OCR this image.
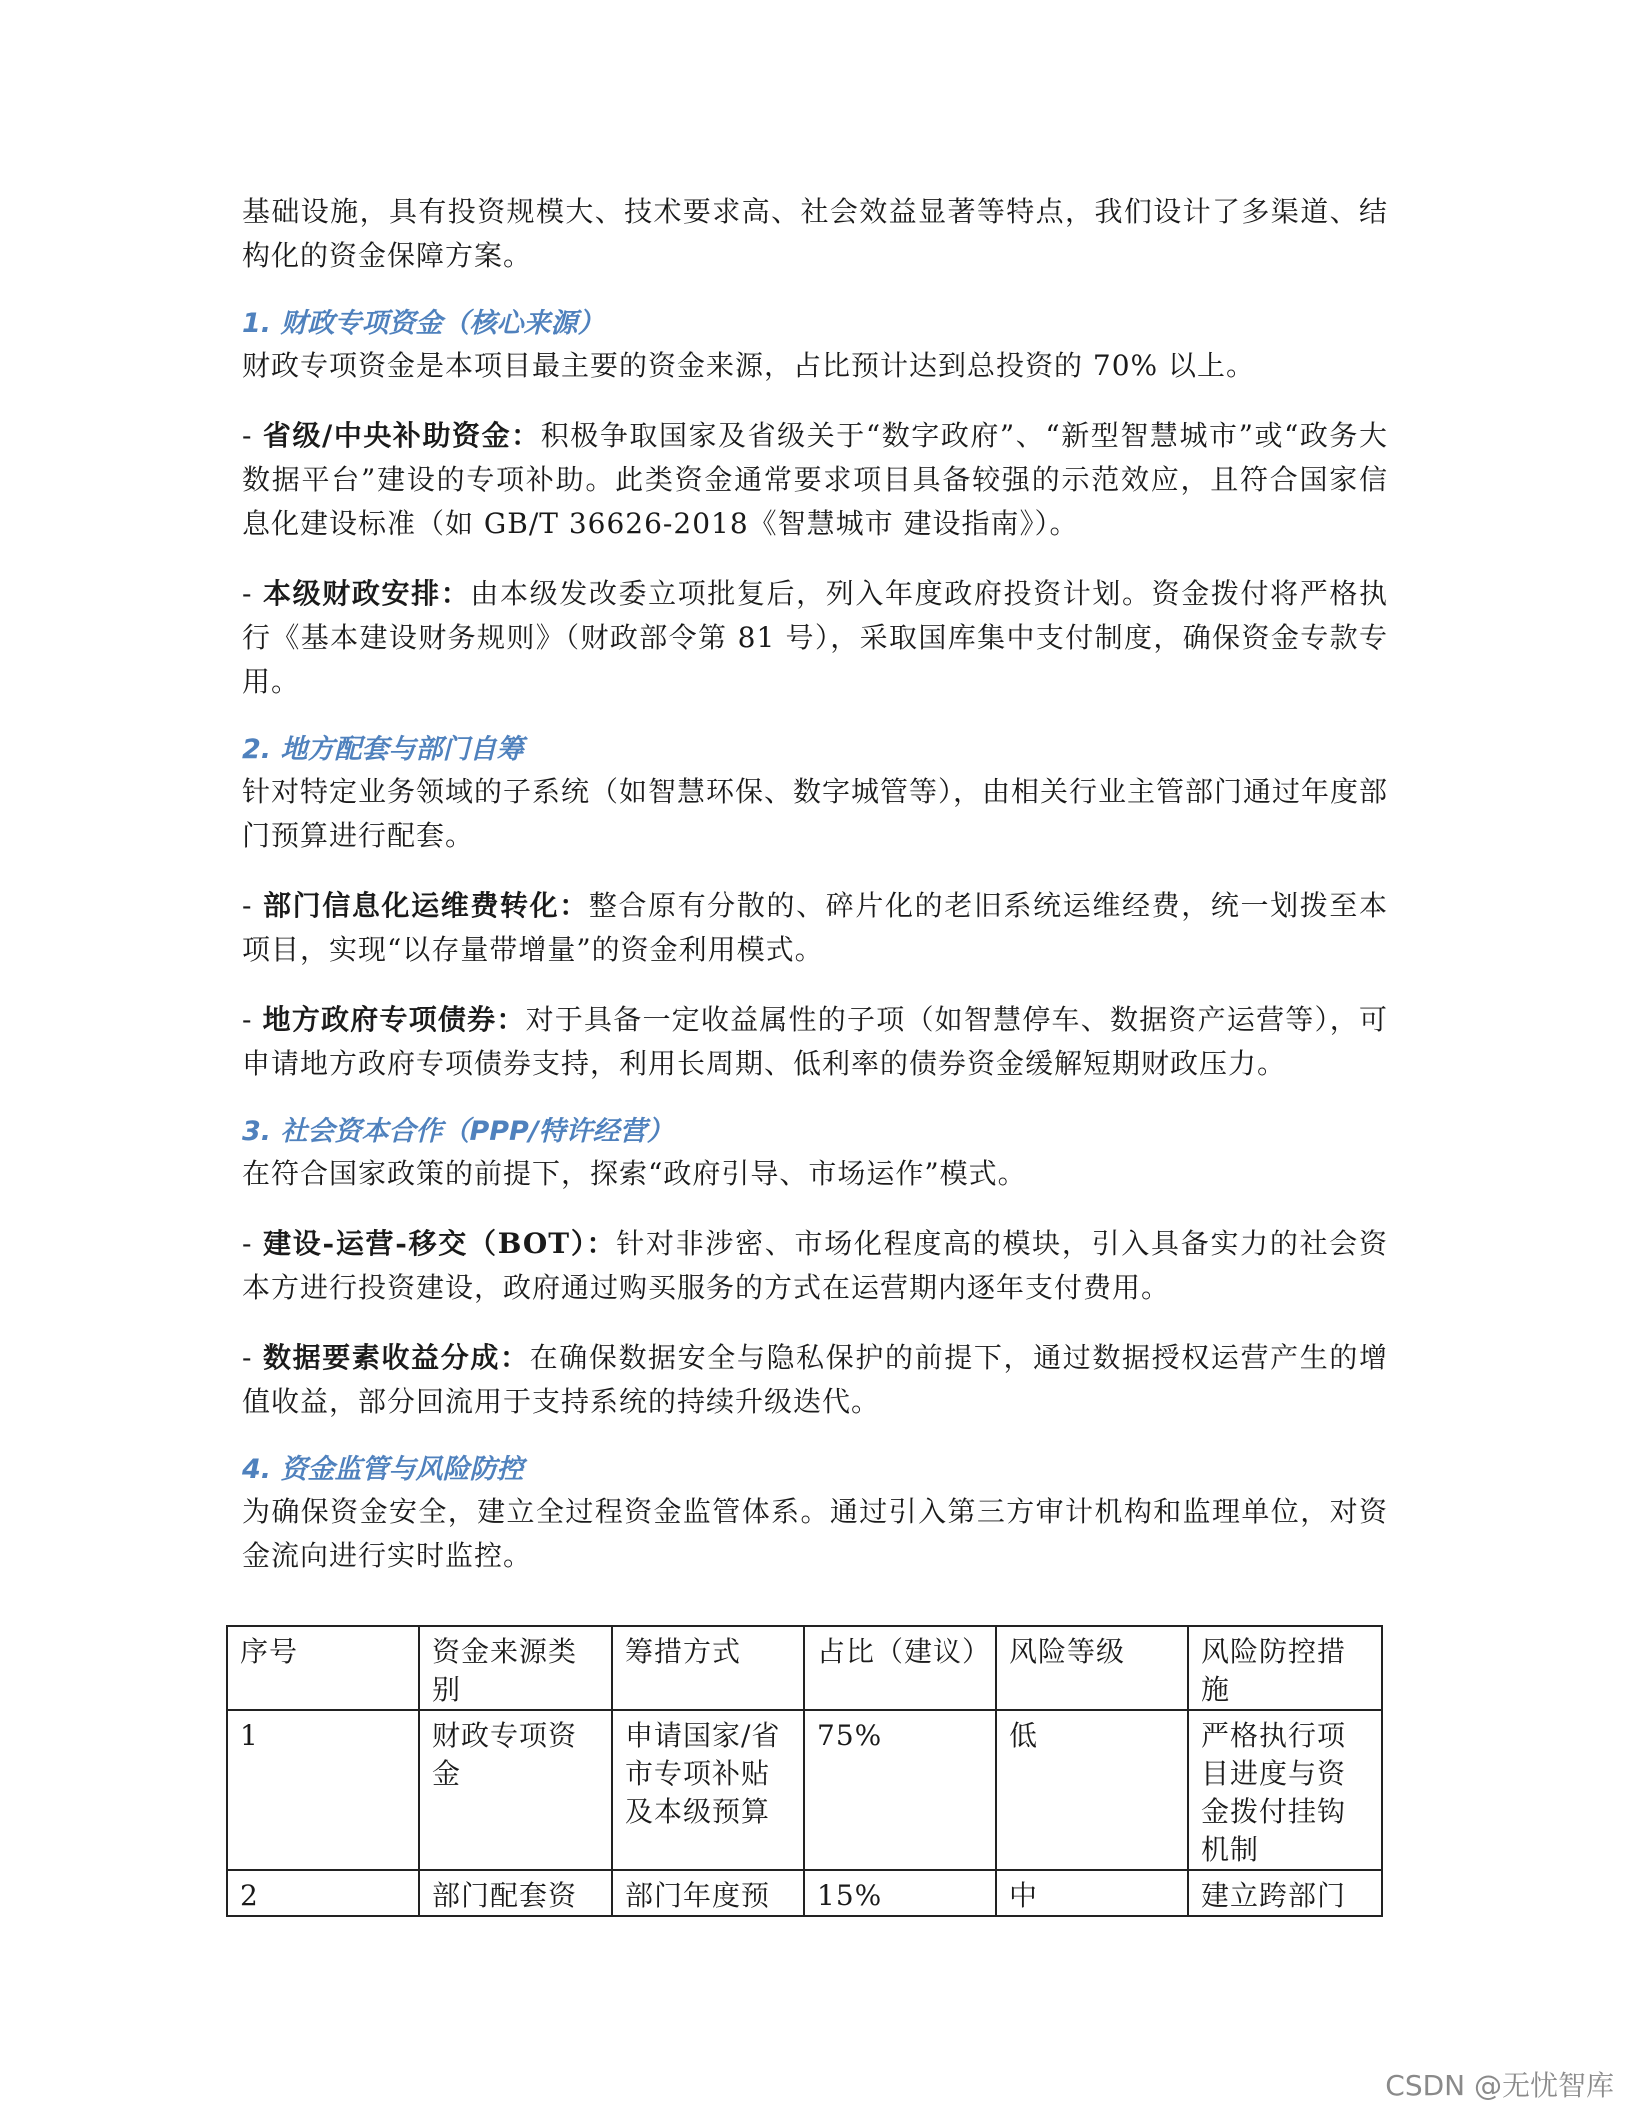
基础设施，具有投资规模大、技术要求高、社会效益显著等特点，我们设计了多渠道、结构化的资金保障方案。

1. 财政专项资金（核心来源）

财政专项资金是本项目最主要的资金来源，占比预计达到总投资的 70% 以上。

- 省级/中央补助资金：积极争取国家及省级关于“数字政府”、“新型智慧城市”或“政务大数据平台”建设的专项补助。此类资金通常要求项目具备较强的示范效应，且符合国家信息化建设标准（如 GB/T 36626-2018《智慧城市 建设指南》）。

- 本级财政安排：由本级发改委立项批复后，列入年度政府投资计划。资金拨付将严格执行《基本建设财务规则》（财政部令第 81 号），采取国库集中支付制度，确保资金专款专用。

2. 地方配套与部门自筹

针对特定业务领域的子系统（如智慧环保、数字城管等），由相关行业主管部门通过年度部门预算进行配套。

- 部门信息化运维费转化：整合原有分散的、碎片化的老旧系统运维经费，统一划拨至本项目，实现“以存量带增量”的资金利用模式。

- 地方政府专项债券：对于具备一定收益属性的子项（如智慧停车、数据资产运营等），可申请地方政府专项债券支持，利用长周期、低利率的债券资金缓解短期财政压力。

3. 社会资本合作（PPP/特许经营）

在符合国家政策的前提下，探索“政府引导、市场运作”模式。

- 建设-运营-移交（BOT）：针对非涉密、市场化程度高的模块，引入具备实力的社会资本方进行投资建设，政府通过购买服务的方式在运营期内逐年支付费用。

- 数据要素收益分成：在确保数据安全与隐私保护的前提下，通过数据授权运营产生的增值收益，部分回流用于支持系统的持续升级迭代。

4. 资金监管与风险防控

为确保资金安全，建立全过程资金监管体系。通过引入第三方审计机构和监理单位，对资金流向进行实时监控。

序号	资金来源类别	筹措方式	占比（建议）	风险等级	风险防控措施
1	财政专项资金	申请国家/省市专项补贴及本级预算	75%	低	严格执行项目进度与资金拨付挂钩机制
2	部门配套资	部门年度预	15%	中	建立跨部门
CSDN @无忧智库
